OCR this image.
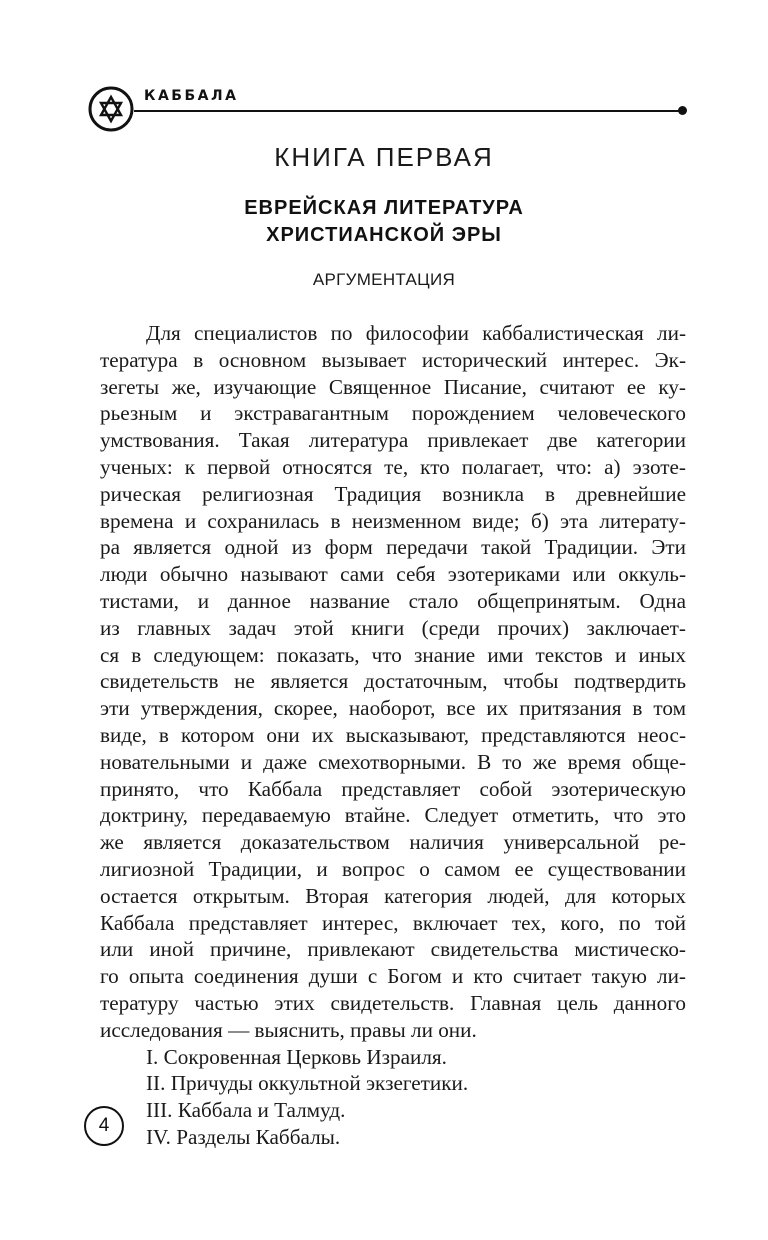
КАББАЛА
КНИГА ПЕРВАЯ
ЕВРЕЙСКАЯ ЛИТЕРАТУРА
ХРИСТИАНСКОЙ ЭРЫ
АРГУМЕНТАЦИЯ
Для специалистов по философии каббалистическая ли-
тература в основном вызывает исторический интерес. Эк-
зегеты же, изучающие Священное Писание, считают ее ку-
рьезным и экстравагантным порождением человеческого
умствования. Такая литература привлекает две категории
ученых: к первой относятся те, кто полагает, что: а) эзоте-
рическая религиозная Традиция возникла в древнейшие
времена и сохранилась в неизменном виде; б) эта литерату-
ра является одной из форм передачи такой Традиции. Эти
люди обычно называют сами себя эзотериками или оккуль-
тистами, и данное название стало общепринятым. Одна
из главных задач этой книги (среди прочих) заключает-
ся в следующем: показать, что знание ими текстов и иных
свидетельств не является достаточным, чтобы подтвердить
эти утверждения, скорее, наоборот, все их притязания в том
виде, в котором они их высказывают, представляются неос-
новательными и даже смехотворными. В то же время обще-
принято, что Каббала представляет собой эзотерическую
доктрину, передаваемую втайне. Следует отметить, что это
же является доказательством наличия универсальной ре-
лигиозной Традиции, и вопрос о самом ее существовании
остается открытым. Вторая категория людей, для которых
Каббала представляет интерес, включает тех, кого, по той
или иной причине, привлекают свидетельства мистическо-
го опыта соединения души с Богом и кто считает такую ли-
тературу частью этих свидетельств. Главная цель данного
исследования — выяснить, правы ли они.
I. Сокровенная Церковь Израиля.
II. Причуды оккультной экзегетики.
III. Каббала и Талмуд.
IV. Разделы Каббалы.
4
